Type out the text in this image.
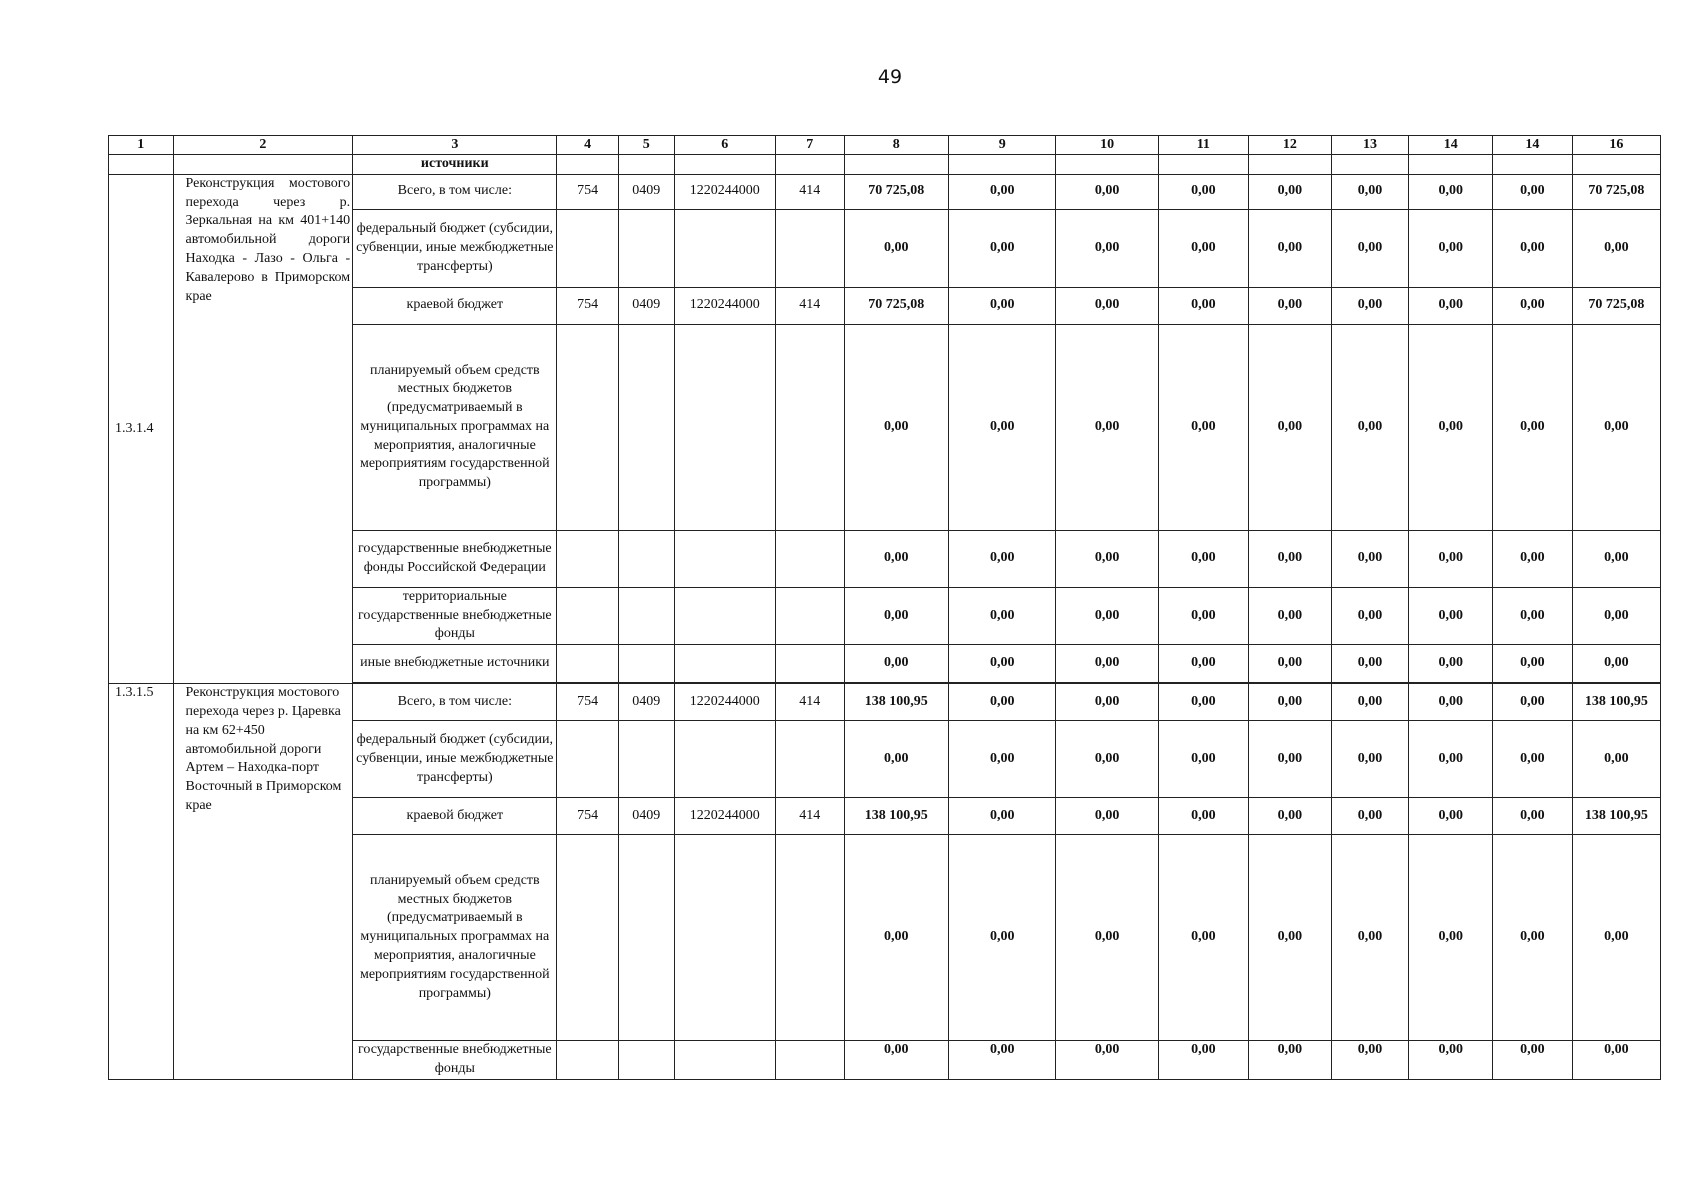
49
1	2	3	4	5	6	7	8	9	10	11	12	13	14	14	16
		источники													
1.3.1.4	Реконструкция мостового перехода через р. Зеркальная на км 401+140 автомобильной дороги Находка - Лазо - Ольга - Кавалерово в Приморском крае	Всего, в том числе:	754	0409	1220244000	414	70 725,08	0,00	0,00	0,00	0,00	0,00	0,00	0,00	70 725,08
		федеральный бюджет (субсидии, субвенции, иные межбюджетные трансферты)					0,00	0,00	0,00	0,00	0,00	0,00	0,00	0,00	0,00
		краевой бюджет	754	0409	1220244000	414	70 725,08	0,00	0,00	0,00	0,00	0,00	0,00	0,00	70 725,08
		планируемый объем средств местных бюджетов (предусматриваемый в муниципальных программах на мероприятия, аналогичные мероприятиям государственной программы)					0,00	0,00	0,00	0,00	0,00	0,00	0,00	0,00	0,00
		государственные внебюджетные фонды Российской Федерации					0,00	0,00	0,00	0,00	0,00	0,00	0,00	0,00	0,00
		территориальные государственные внебюджетные фонды					0,00	0,00	0,00	0,00	0,00	0,00	0,00	0,00	0,00
		иные внебюджетные источники					0,00	0,00	0,00	0,00	0,00	0,00	0,00	0,00	0,00

1.3.1.5	Реконструкция мостового перехода через р. Царевка на км 62+450 автомобильной дороги Артем – Находка-порт Восточный в Приморском крае	Всего, в том числе:	754	0409	1220244000	414	138 100,95	0,00	0,00	0,00	0,00	0,00	0,00	0,00	138 100,95
		федеральный бюджет (субсидии, субвенции, иные межбюджетные трансферты)					0,00	0,00	0,00	0,00	0,00	0,00	0,00	0,00	0,00
		краевой бюджет	754	0409	1220244000	414	138 100,95	0,00	0,00	0,00	0,00	0,00	0,00	0,00	138 100,95
		планируемый объем средств местных бюджетов (предусматриваемый в муниципальных программах на мероприятия, аналогичные мероприятиям государственной программы)					0,00	0,00	0,00	0,00	0,00	0,00	0,00	0,00	0,00
		государственные внебюджетные фонды					0,00	0,00	0,00	0,00	0,00	0,00	0,00	0,00	0,00
